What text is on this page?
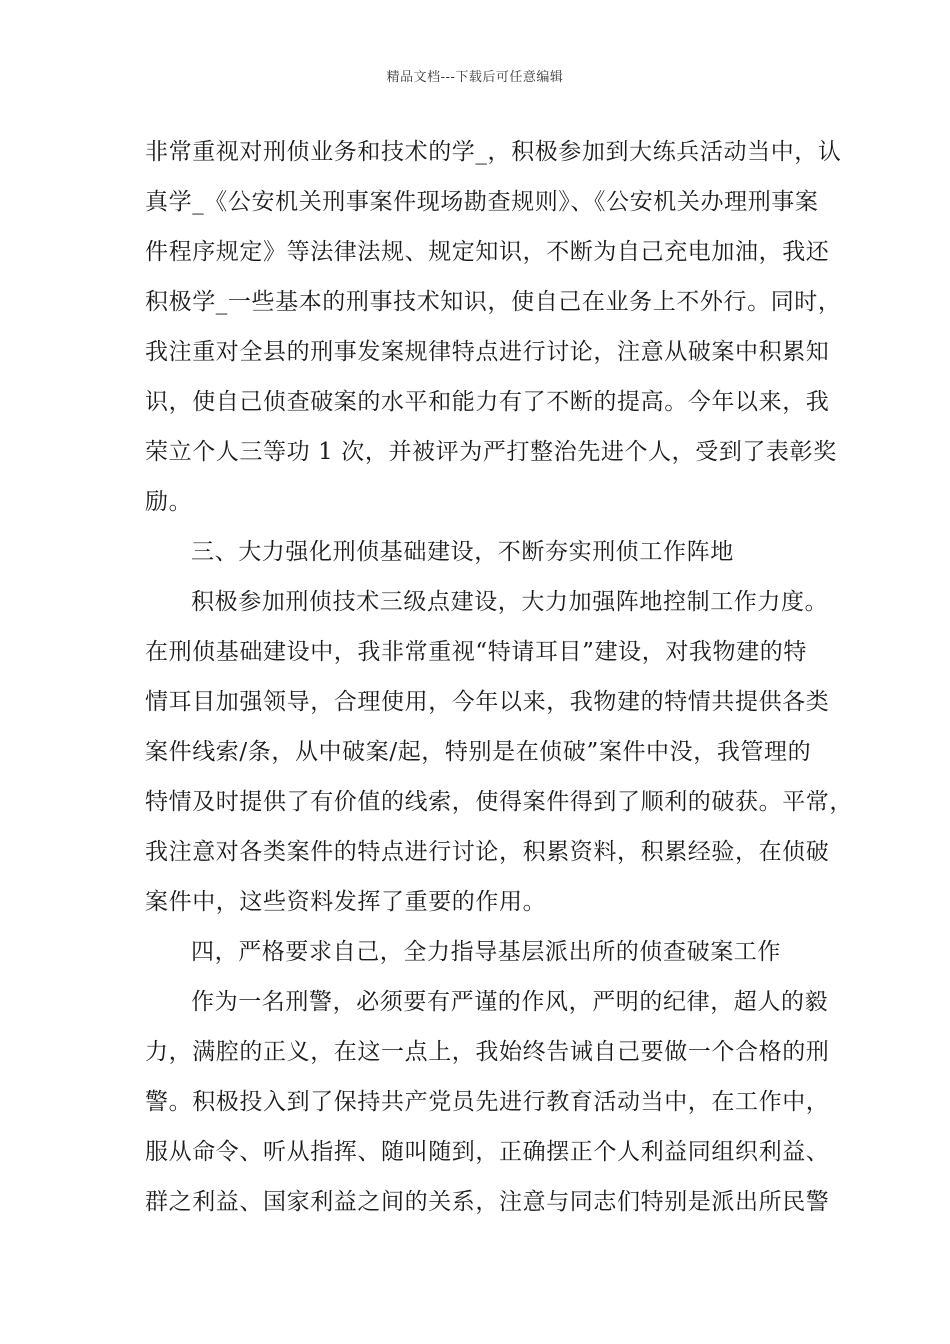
精品文档---下载后可任意编辑
非常重视对刑侦业务和技术的学_，积极参加到大练兵活动当中，认
真学_《公安机关刑事案件现场勘查规则》、《公安机关办理刑事案
件程序规定》等法律法规、规定知识，不断为自己充电加油，我还
积极学_一些基本的刑事技术知识，使自己在业务上不外行。同时，
我注重对全县的刑事发案规律特点进行讨论，注意从破案中积累知
识，使自己侦查破案的水平和能力有了不断的提高。今年以来，我
荣立个人三等功 1 次，并被评为严打整治先进个人，受到了表彰奖
励。
三、大力强化刑侦基础建设，不断夯实刑侦工作阵地
积极参加刑侦技术三级点建设，大力加强阵地控制工作力度。
在刑侦基础建设中，我非常重视“特请耳目”建设，对我物建的特
情耳目加强领导，合理使用，今年以来，我物建的特情共提供各类
案件线索/条，从中破案/起，特别是在侦破”案件中没，我管理的
特情及时提供了有价值的线索，使得案件得到了顺利的破获。平常，
我注意对各类案件的特点进行讨论，积累资料，积累经验，在侦破
案件中，这些资料发挥了重要的作用。
四，严格要求自己，全力指导基层派出所的侦查破案工作
作为一名刑警，必须要有严谨的作风，严明的纪律，超人的毅
力，满腔的正义，在这一点上，我始终告诫自己要做一个合格的刑
警。积极投入到了保持共产党员先进行教育活动当中，在工作中，
服从命令、听从指挥、随叫随到，正确摆正个人利益同组织利益、
群之利益、国家利益之间的关系，注意与同志们特别是派出所民警
